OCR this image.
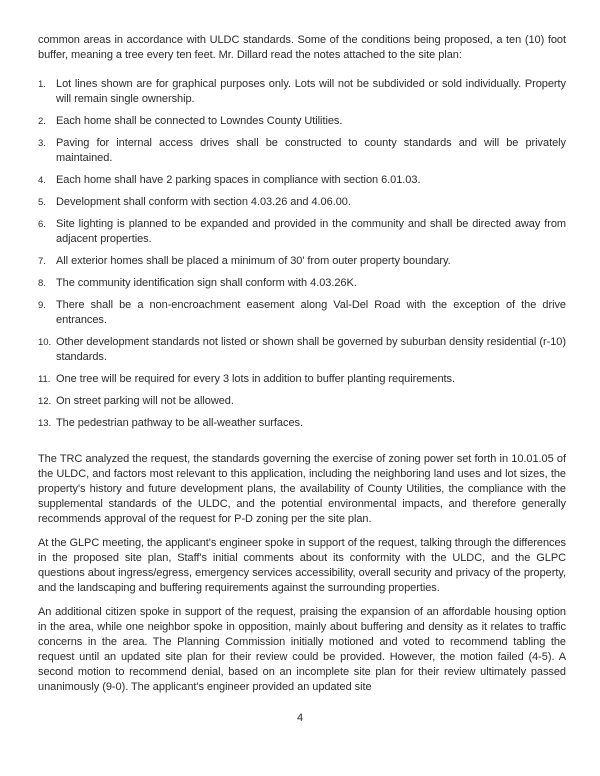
common areas in accordance with ULDC standards. Some of the conditions being proposed, a ten (10) foot buffer, meaning a tree every ten feet. Mr. Dillard read the notes attached to the site plan:

1. Lot lines shown are for graphical purposes only. Lots will not be subdivided or sold individually. Property will remain single ownership.
2. Each home shall be connected to Lowndes County Utilities.
3. Paving for internal access drives shall be constructed to county standards and will be privately maintained.
4. Each home shall have 2 parking spaces in compliance with section 6.01.03.
5. Development shall conform with section 4.03.26 and 4.06.00.
6. Site lighting is planned to be expanded and provided in the community and shall be directed away from adjacent properties.
7. All exterior homes shall be placed a minimum of 30' from outer property boundary.
8. The community identification sign shall conform with 4.03.26K.
9. There shall be a non-encroachment easement along Val-Del Road with the exception of the drive entrances.
10. Other development standards not listed or shown shall be governed by suburban density residential (r-10) standards.
11. One tree will be required for every 3 lots in addition to buffer planting requirements.
12. On street parking will not be allowed.
13. The pedestrian pathway to be all-weather surfaces.

The TRC analyzed the request, the standards governing the exercise of zoning power set forth in 10.01.05 of the ULDC, and factors most relevant to this application, including the neighboring land uses and lot sizes, the property's history and future development plans, the availability of County Utilities, the compliance with the supplemental standards of the ULDC, and the potential environmental impacts, and therefore generally recommends approval of the request for P-D zoning per the site plan.

At the GLPC meeting, the applicant's engineer spoke in support of the request, talking through the differences in the proposed site plan, Staff's initial comments about its conformity with the ULDC, and the GLPC questions about ingress/egress, emergency services accessibility, overall security and privacy of the property, and the landscaping and buffering requirements against the surrounding properties.

An additional citizen spoke in support of the request, praising the expansion of an affordable housing option in the area, while one neighbor spoke in opposition, mainly about buffering and density as it relates to traffic concerns in the area. The Planning Commission initially motioned and voted to recommend tabling the request until an updated site plan for their review could be provided. However, the motion failed (4-5). A second motion to recommend denial, based on an incomplete site plan for their review ultimately passed unanimously (9-0). The applicant's engineer provided an updated site

4
